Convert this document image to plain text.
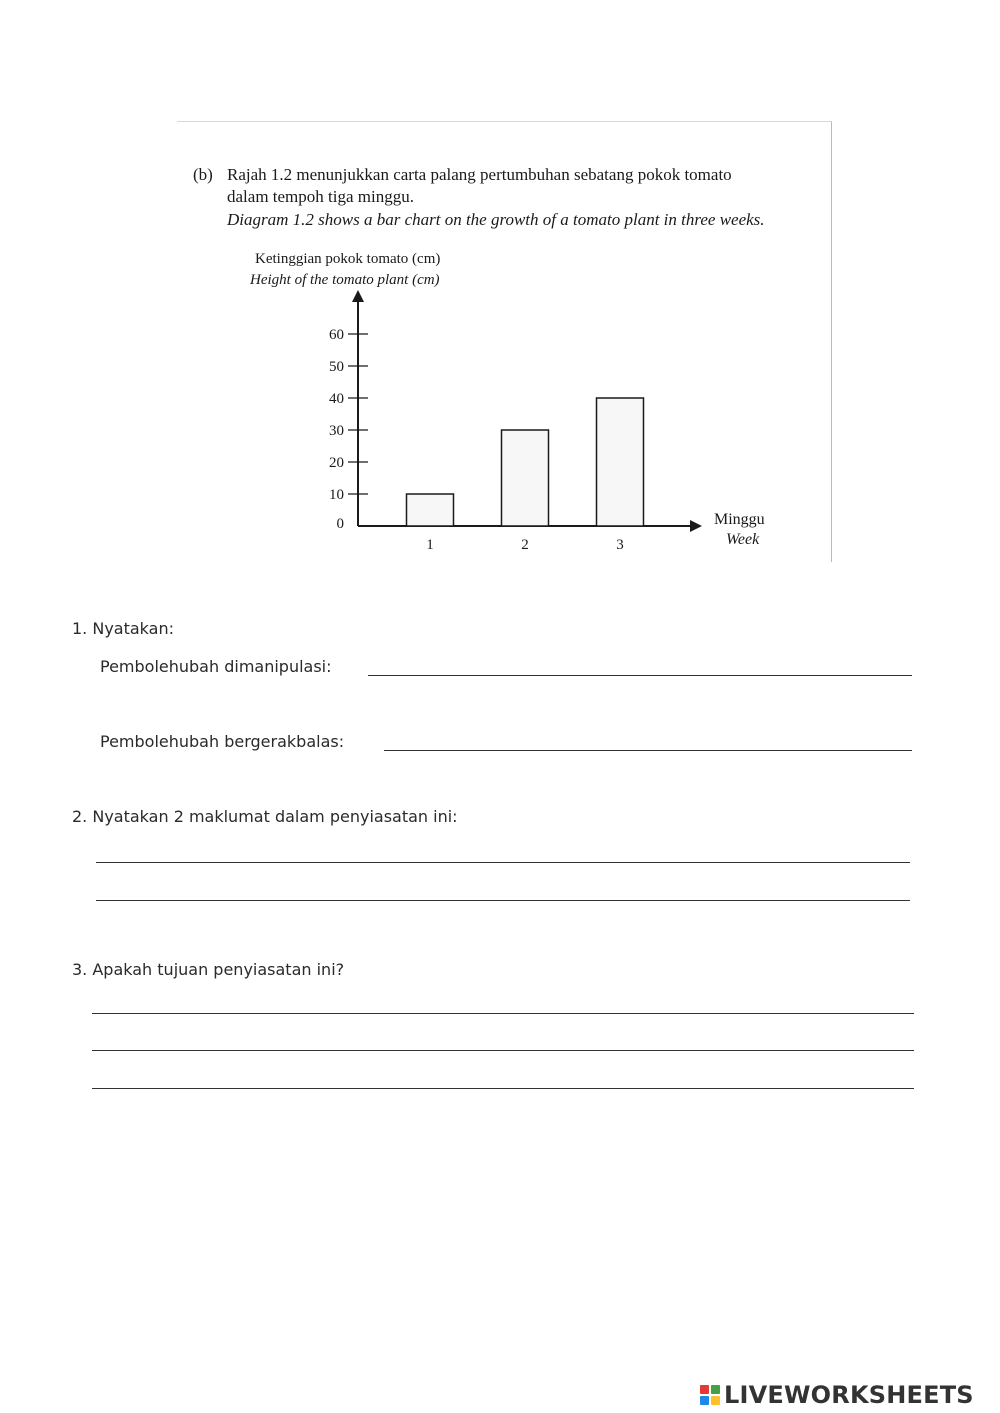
(b) Rajah 1.2 menunjukkan carta palang pertumbuhan sebatang pokok tomato
dalam tempoh tiga minggu.
Diagram 1.2 shows a bar chart on the growth of a tomato plant in three weeks.
0
10
20
30
40
50
60
1	2	3
Ketinggian pokok tomato (cm)
Height of the tomato plant (cm)
Minggu
Week
1. Nyatakan:
Pembolehubah dimanipulasi:
Pembolehubah bergerakbalas:
2. Nyatakan 2 maklumat dalam penyiasatan ini:
3. Apakah tujuan penyiasatan ini?
LIVEWORKSHEETS
